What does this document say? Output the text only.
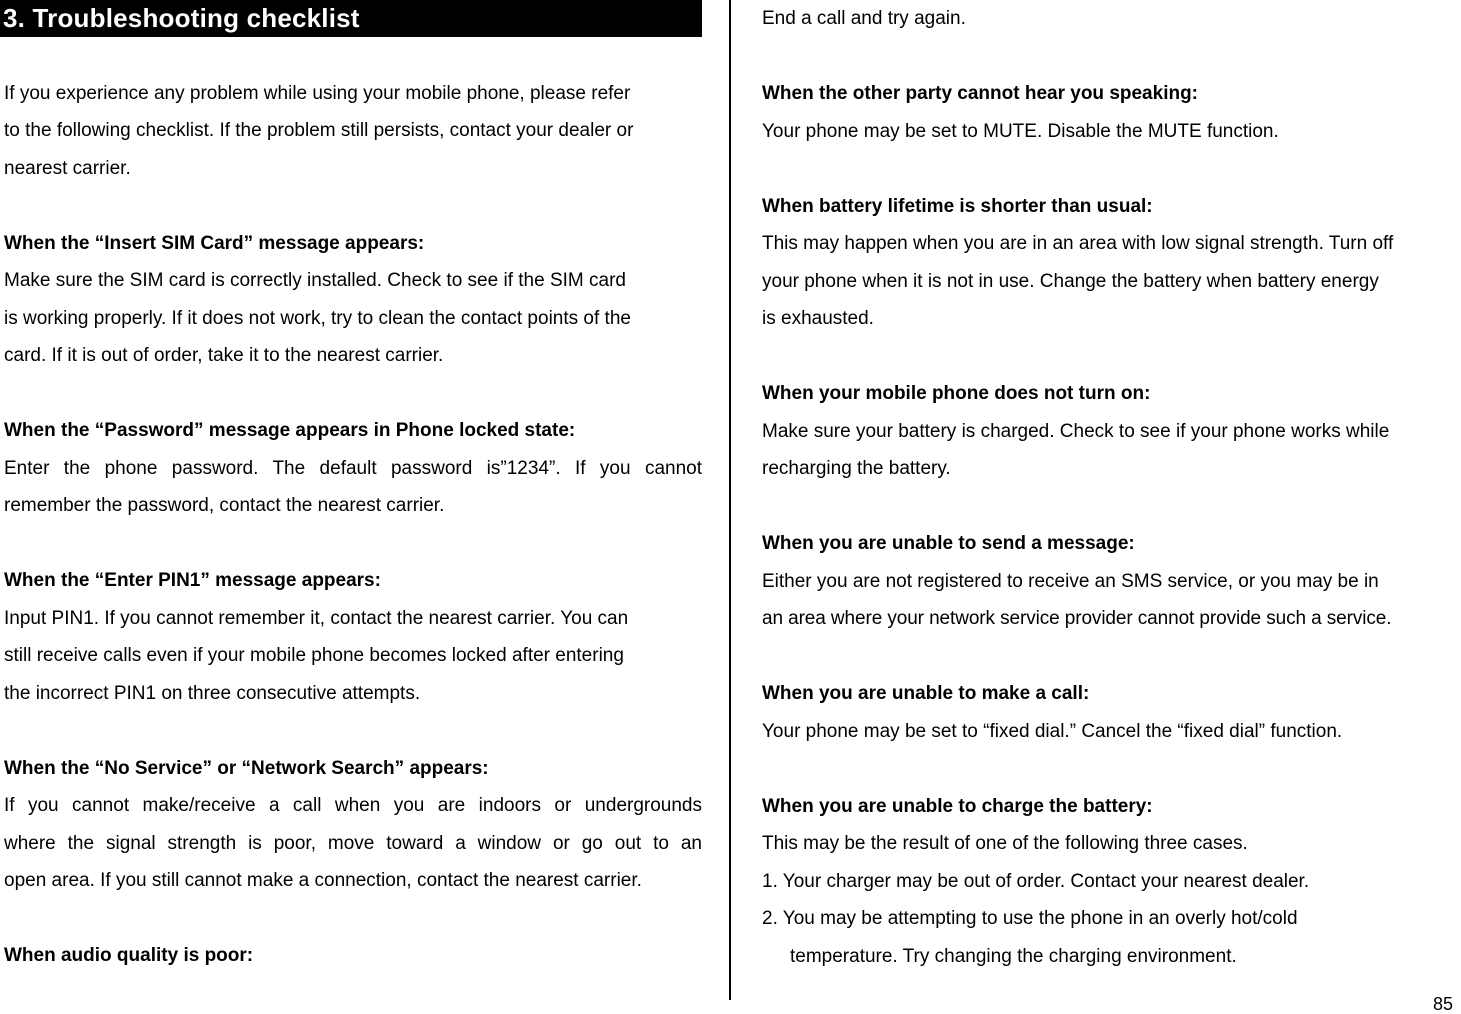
3. Troubleshooting checklist

If you experience any problem while using your mobile phone, please refer

to the following checklist. If the problem still persists, contact your dealer or

nearest carrier.
When the “Insert SIM Card” message appears:

Make sure the SIM card is correctly installed. Check to see if the SIM card

is working properly. If it does not work, try to clean the contact points of the

card. If it is out of order, take it to the nearest carrier.
When the “Password” message appears in Phone locked state:

Enter the phone password. The default password is”1234”. If you cannot

remember the password, contact the nearest carrier.
When the “Enter PIN1” message appears:

Input PIN1. If you cannot remember it, contact the nearest carrier. You can

still receive calls even if your mobile phone becomes locked after entering

the incorrect PIN1 on three consecutive attempts.
When the “No Service” or “Network Search” appears:

If you cannot make/receive a call when you are indoors or undergrounds

where the signal strength is poor, move toward a window or go out to an

open area. If you still cannot make a connection, contact the nearest carrier.
When audio quality is poor:
End a call and try again.
When the other party cannot hear you speaking:
Your phone may be set to MUTE. Disable the MUTE function.
When battery lifetime is shorter than usual:
This may happen when you are in an area with low signal strength. Turn off
your phone when it is not in use. Change the battery when battery energy
is exhausted.
When your mobile phone does not turn on:
Make sure your battery is charged. Check to see if your phone works while
recharging the battery.
When you are unable to send a message:
Either you are not registered to receive an SMS service, or you may be in
an area where your network service provider cannot provide such a service.
When you are unable to make a call:
Your phone may be set to “fixed dial.” Cancel the “fixed dial” function.
When you are unable to charge the battery:
This may be the result of one of the following three cases.
1. Your charger may be out of order. Contact your nearest dealer.
2. You may be attempting to use the phone in an overly hot/cold
temperature. Try changing the charging environment.
85
